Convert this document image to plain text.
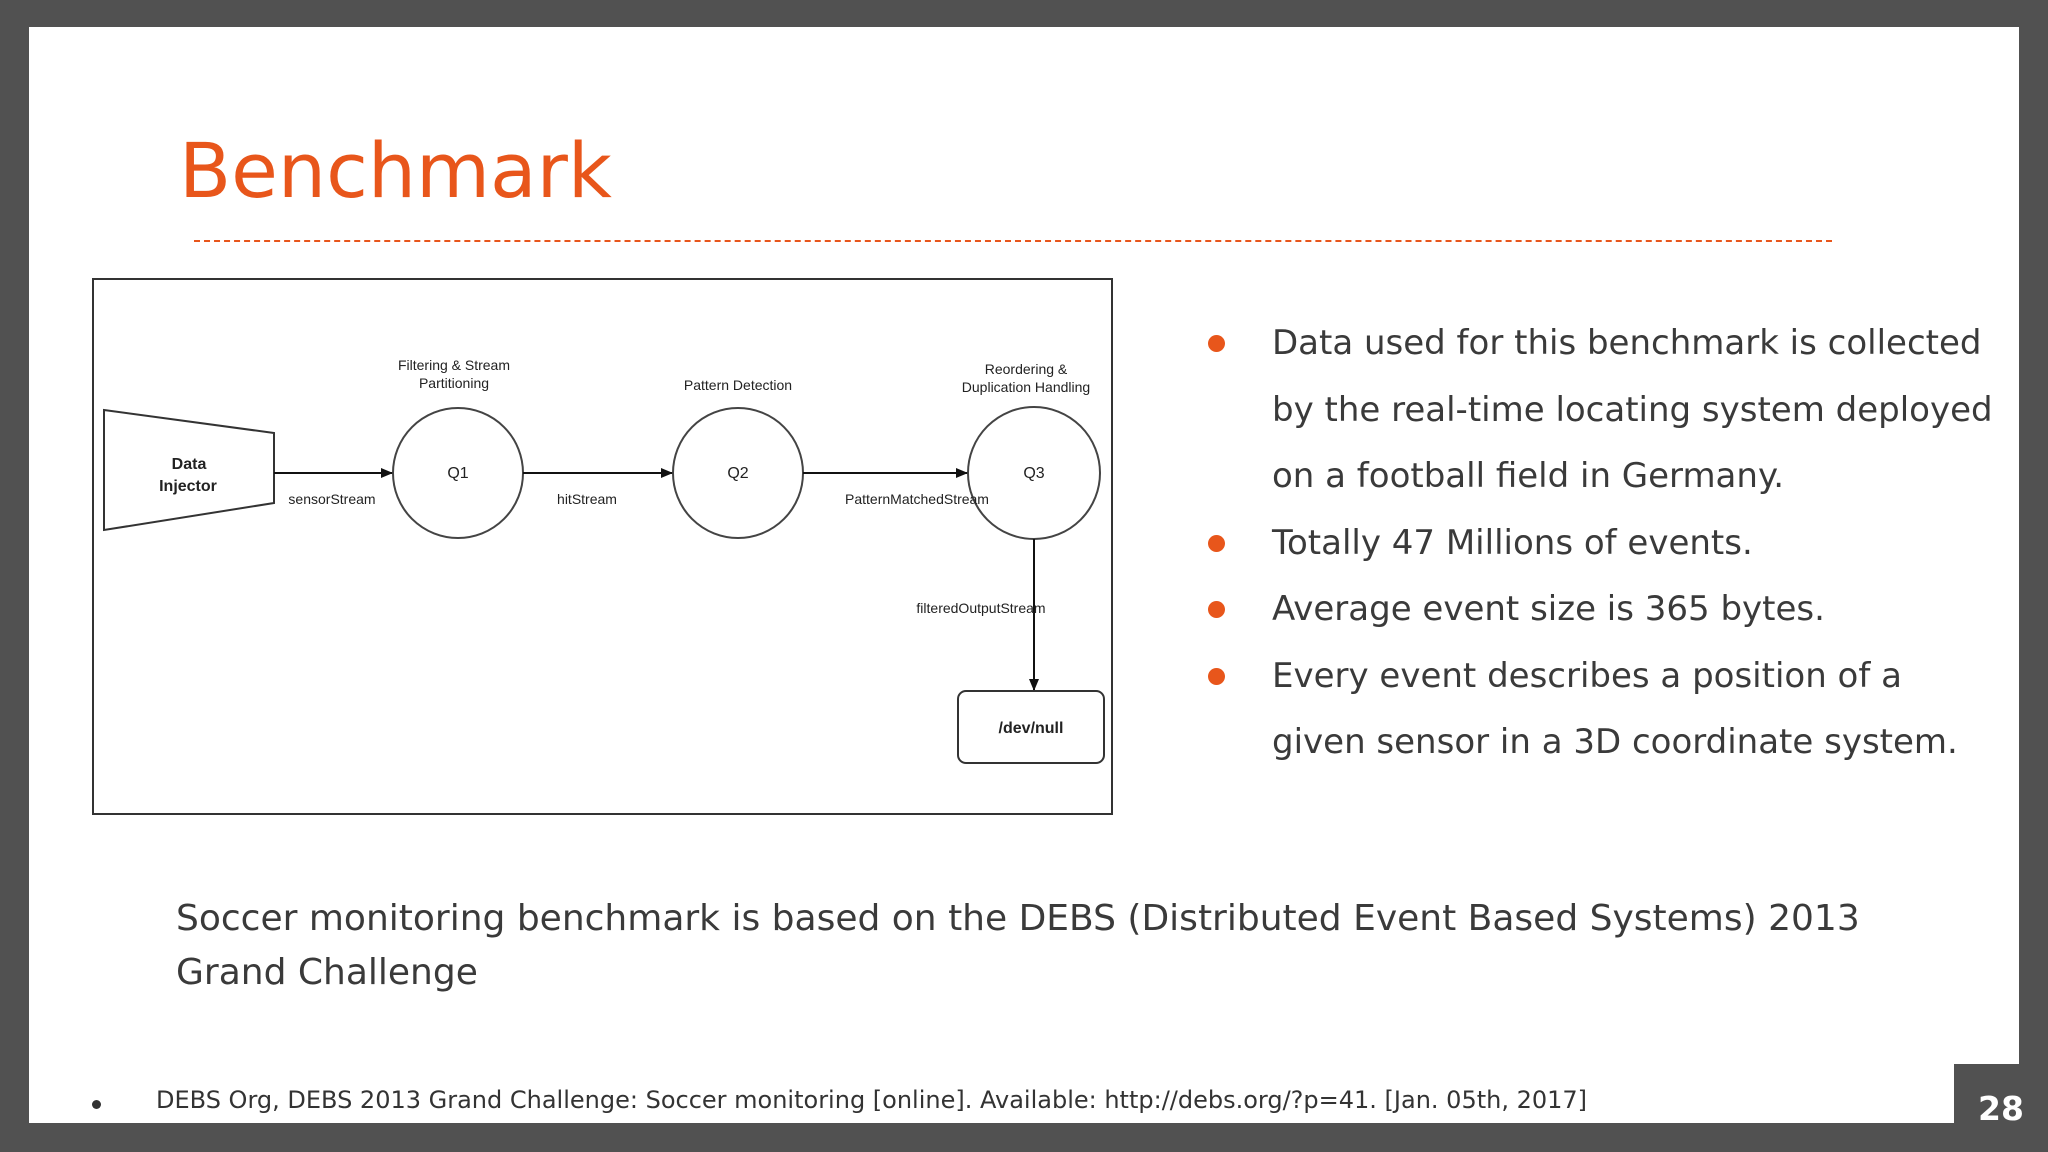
Benchmark
Data
Injector
Filtering & Stream
Partitioning
Q1
Pattern Detection
Q2
Reordering &
Duplication Handling
Q3
sensorStream	hitStream	PatternMatchedStream
filteredOutputStream
/dev/null
Data used for this benchmark is collected by the real-time locating system deployed on a football field in Germany.
Totally 47 Millions of events.
Average event size is 365 bytes.
Every event describes a position of a given sensor in a 3D coordinate system.
Soccer monitoring benchmark is based on the DEBS (Distributed Event Based Systems) 2013 Grand Challenge
DEBS Org, DEBS 2013 Grand Challenge: Soccer monitoring [online]. Available: http://debs.org/?p=41. [Jan. 05th, 2017]	28
